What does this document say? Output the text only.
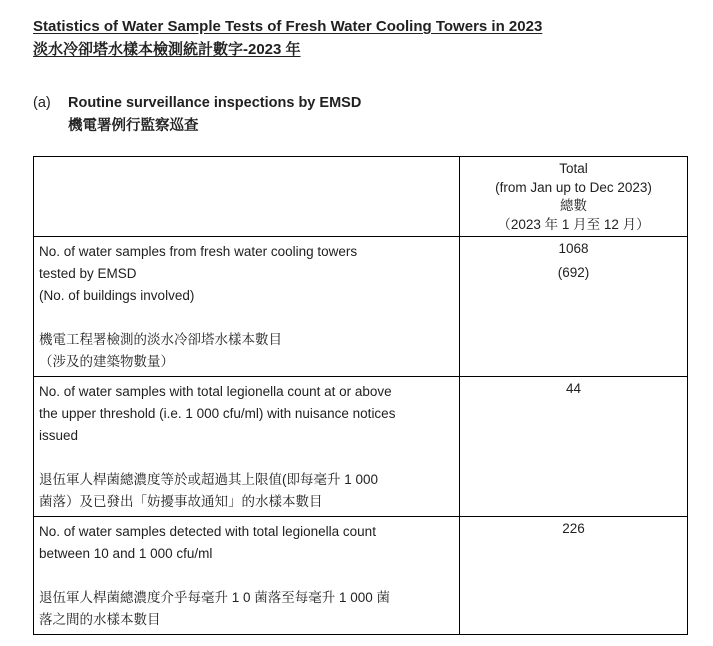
Statistics of Water Sample Tests of Fresh Water Cooling Towers in 2023
淡水冷卻塔水樣本檢測統計數字-2023 年
(a)	Routine surveillance inspections by EMSD
機電署例行監察巡查

	Total
(from Jan up to Dec 2023)
總數
（2023 年 1 月至 12 月）

No. of water samples from fresh water cooling towers
tested by EMSD
(No. of buildings involved)
機電工程署檢測的淡水冷卻塔水樣本數目
（涉及的建築物數量）

1068
(692)

No. of water samples with total legionella count at or above
the upper threshold (i.e. 1 000 cfu/ml) with nuisance notices
issued
退伍軍人桿菌總濃度等於或超過其上限值(即每毫升 1 000
菌落）及已發出「妨擾事故通知」的水樣本數目	44

No. of water samples detected with total legionella count
between 10 and 1 000 cfu/ml
退伍軍人桿菌總濃度介乎每毫升 1 0 菌落至每毫升 1 000 菌
落之間的水樣本數目	226
